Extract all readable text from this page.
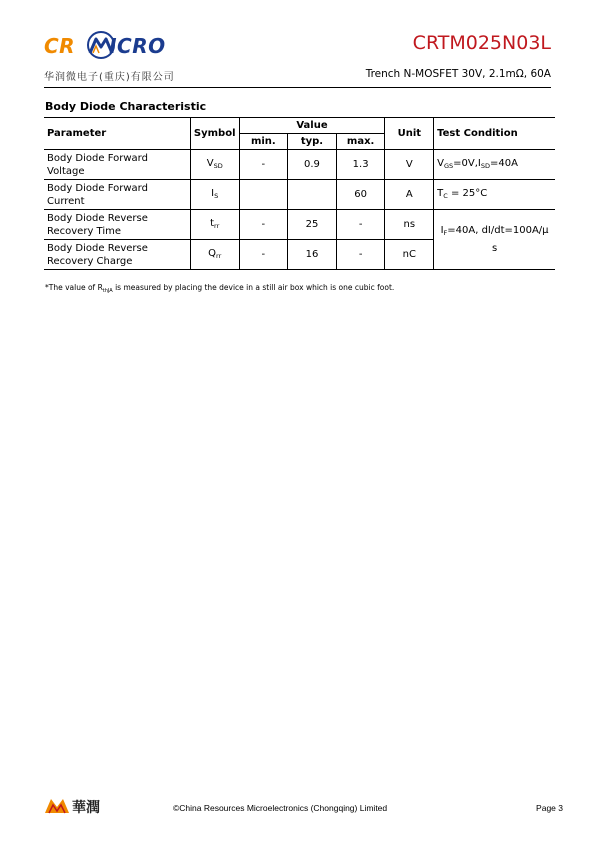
CR ICRO
华润微电子(重庆)有限公司
CRTM025N03L
Trench N-MOSFET 30V, 2.1mΩ, 60A
Body Diode Characteristic
Parameter	Symbol	Value			Unit	Test Condition
		min.	typ.	max.		
Body Diode Forward Voltage	$V_{SD}$	-	0.9	1.3	V	$V_{GS}=0V,I_{SD}=40A$
Body Diode Forward Current	$I_S$			60	A	$T_C = 25^\circ C$
Body Diode Reverse Recovery Time	$t_{rr}$	-	25	-	ns	$I_F=40A$, dI/dt=100A/μ
s
Body Diode Reverse Recovery Charge	$Q_{rr}$	-	16	-	nC	
*The value of $R_{thJA}$ is measured by placing the device in a still air box which is one cubic foot.
華潤	©China Resources Microelectronics (Chongqing) Limited	Page 3
